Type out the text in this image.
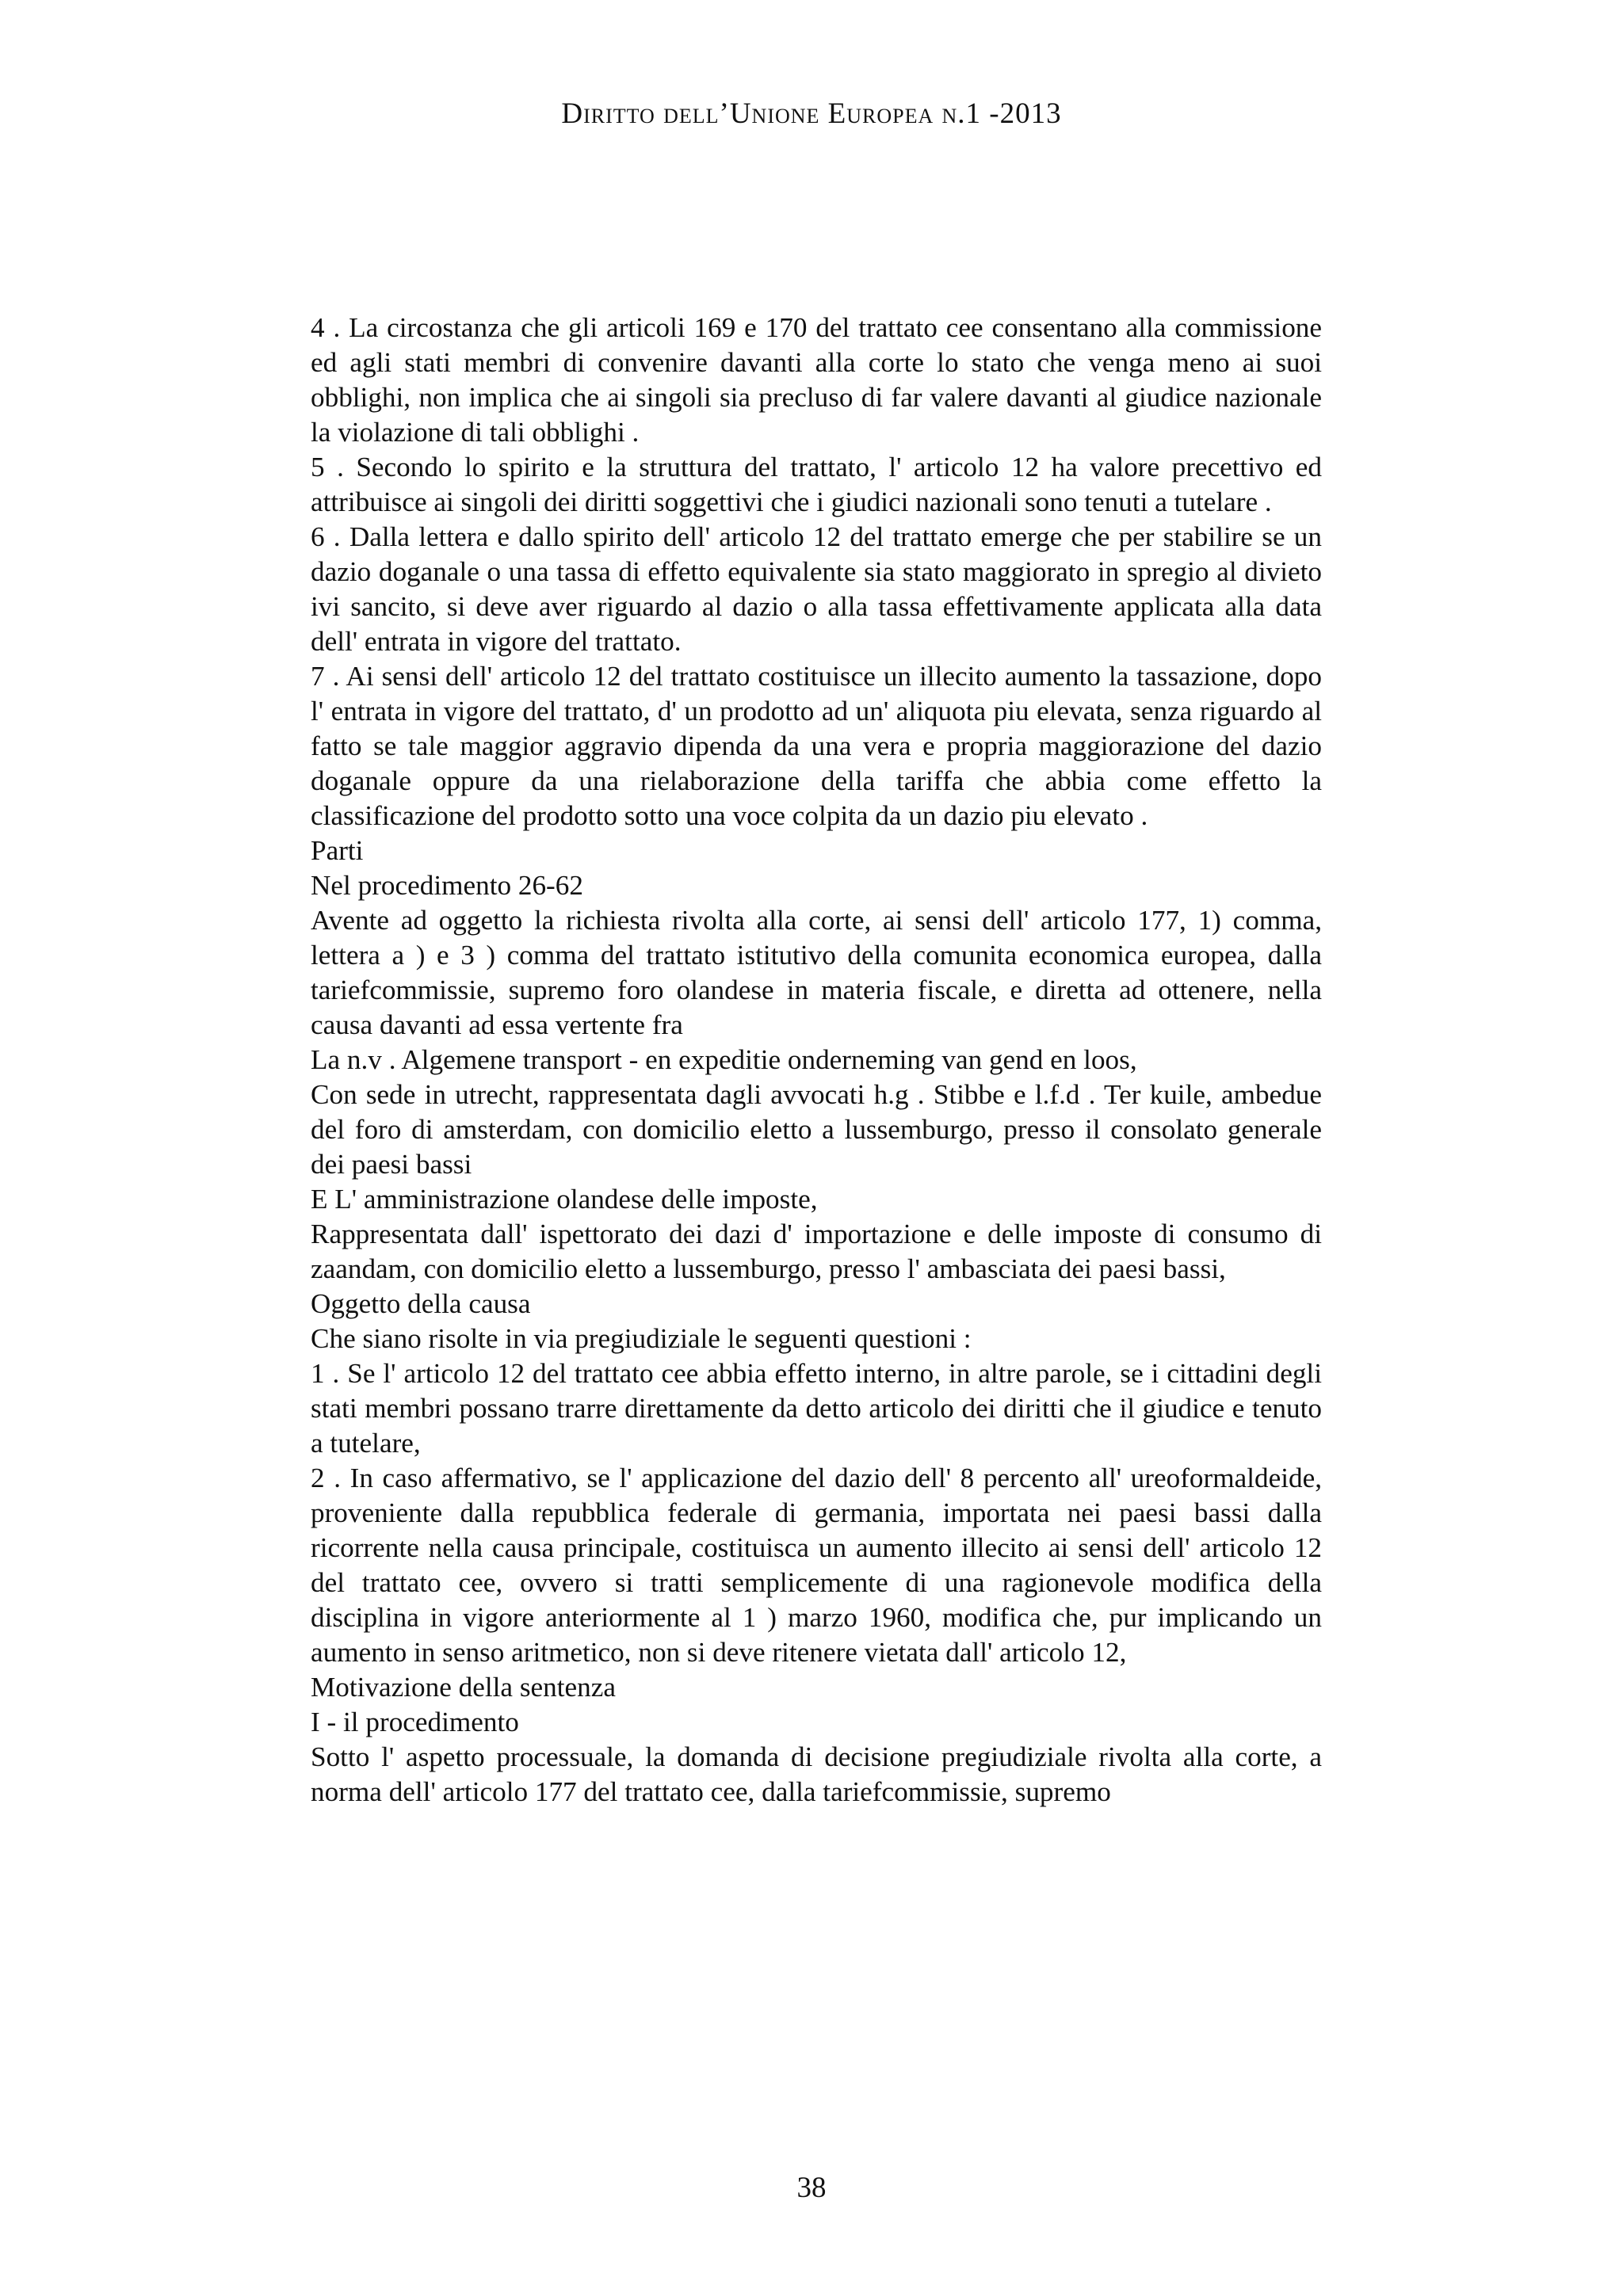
Diritto dell’Unione Europea n.1 -2013

4 . La circostanza che gli articoli 169 e 170 del trattato cee consentano alla commissione ed agli stati membri di convenire davanti alla corte lo stato che venga meno ai suoi obblighi, non implica che ai singoli sia precluso di far valere davanti al giudice nazionale la violazione di tali obblighi .

5 . Secondo lo spirito e la struttura del trattato, l' articolo 12 ha valore precettivo ed attribuisce ai singoli dei diritti soggettivi che i giudici nazionali sono tenuti a tutelare .

6 . Dalla lettera e dallo spirito dell' articolo 12 del trattato emerge che per stabilire se un dazio doganale o una tassa di effetto equivalente sia stato maggiorato in spregio al divieto ivi sancito, si deve aver riguardo al dazio o alla tassa effettivamente applicata alla data dell' entrata in vigore del trattato.

7 . Ai sensi dell' articolo 12 del trattato costituisce un illecito aumento la tassazione, dopo l' entrata in vigore del trattato, d' un prodotto ad un' aliquota piu elevata, senza riguardo al fatto se tale maggior aggravio dipenda da una vera e propria maggiorazione del dazio doganale oppure da una rielaborazione della tariffa che abbia come effetto la classificazione del prodotto sotto una voce colpita da un dazio piu elevato .

Parti

Nel procedimento 26-62

Avente ad oggetto la richiesta rivolta alla corte, ai sensi dell' articolo 177, 1) comma, lettera a ) e 3 ) comma del trattato istitutivo della comunita economica europea, dalla tariefcommissie, supremo foro olandese in materia fiscale, e diretta ad ottenere, nella causa davanti ad essa vertente fra

La n.v . Algemene transport - en expeditie onderneming van gend en loos,

Con sede in utrecht, rappresentata dagli avvocati h.g . Stibbe e l.f.d . Ter kuile, ambedue del foro di amsterdam, con domicilio eletto a lussemburgo, presso il consolato generale dei paesi bassi

E L' amministrazione olandese delle imposte,

Rappresentata dall' ispettorato dei dazi d' importazione e delle imposte di consumo di zaandam, con domicilio eletto a lussemburgo, presso l' ambasciata dei paesi bassi,

Oggetto della causa

Che siano risolte in via pregiudiziale le seguenti questioni :

1 . Se l' articolo 12 del trattato cee abbia effetto interno, in altre parole, se i cittadini degli stati membri possano trarre direttamente da detto articolo dei diritti che il giudice e tenuto a tutelare,

2 . In caso affermativo, se l' applicazione del dazio dell' 8 percento all' ureoformaldeide, proveniente dalla repubblica federale di germania, importata nei paesi bassi dalla ricorrente nella causa principale, costituisca un aumento illecito ai sensi dell' articolo 12 del trattato cee, ovvero si tratti semplicemente di una ragionevole modifica della disciplina in vigore anteriormente al 1 ) marzo 1960, modifica che, pur implicando un aumento in senso aritmetico, non si deve ritenere vietata dall' articolo 12,

Motivazione della sentenza

I - il procedimento

Sotto l' aspetto processuale, la domanda di decisione pregiudiziale rivolta alla corte, a norma dell' articolo 177 del trattato cee, dalla tariefcommissie, supremo

38
